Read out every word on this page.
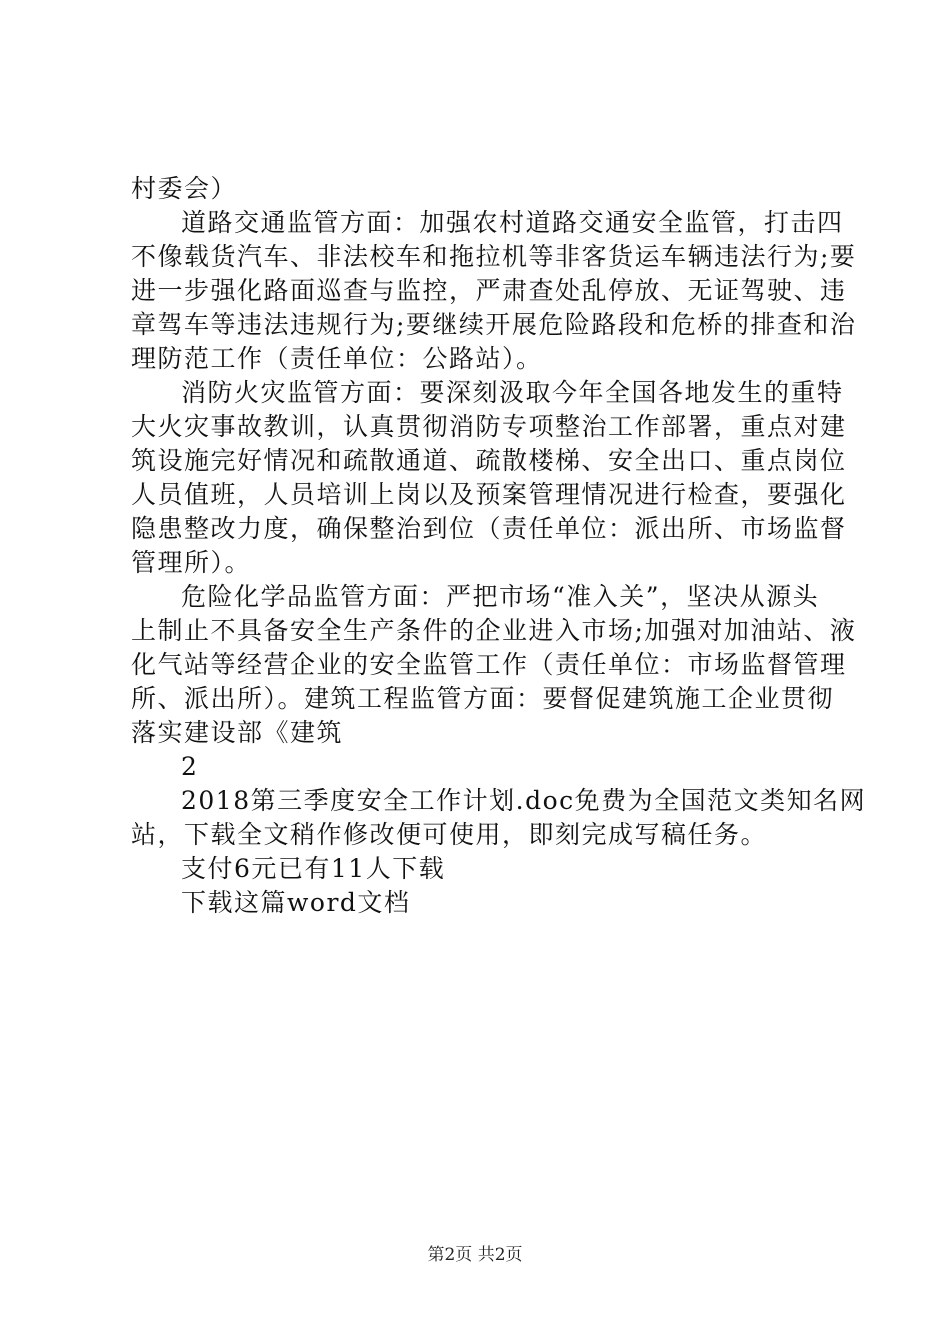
村委会）
道路交通监管方面：加强农村道路交通安全监管，打击四
不像载货汽车、非法校车和拖拉机等非客货运车辆违法行为;要
进一步强化路面巡查与监控，严肃查处乱停放、无证驾驶、违
章驾车等违法违规行为;要继续开展危险路段和危桥的排查和治
理防范工作（责任单位：公路站）。
消防火灾监管方面：要深刻汲取今年全国各地发生的重特
大火灾事故教训，认真贯彻消防专项整治工作部署，重点对建
筑设施完好情况和疏散通道、疏散楼梯、安全出口、重点岗位
人员值班，人员培训上岗以及预案管理情况进行检查，要强化
隐患整改力度，确保整治到位（责任单位：派出所、市场监督
管理所）。
危险化学品监管方面：严把市场“准入关”，坚决从源头
上制止不具备安全生产条件的企业进入市场;加强对加油站、液
化气站等经营企业的安全监管工作（责任单位：市场监督管理
所、派出所）。建筑工程监管方面：要督促建筑施工企业贯彻
落实建设部《建筑
2
2018第三季度安全工作计划.doc免费为全国范文类知名网
站，下载全文稍作修改便可使用，即刻完成写稿任务。
支付6元已有11人下载
下载这篇word文档
第2页 共2页
